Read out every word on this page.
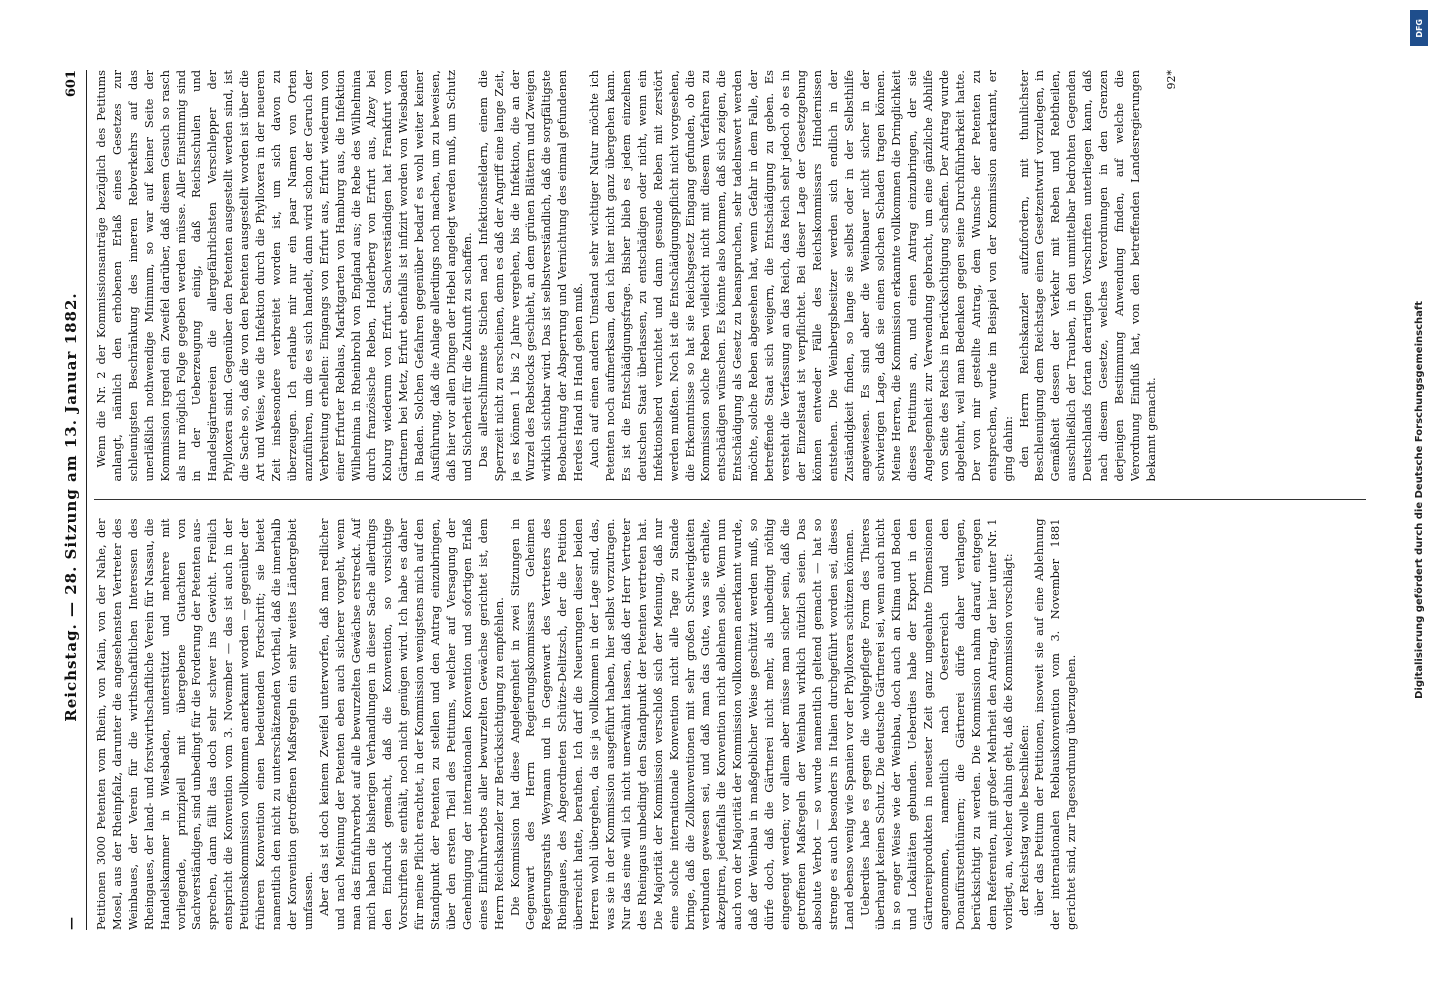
—
Reichstag. — 28. Sitzung am 13. Januar 1882.
601

Petitionen 3000 Petenten vom Rhein, von Main, von der Nahe, der Mosel, aus der Rheinpfalz, darunter die angesehensten Vertreter des Weinbaues, der Verein für die wirthschaftlichen Interessen des Rheingaues, der land- und forstwirthschaftliche Verein für Nassau, die Handelskammer in Wiesbaden, unterstützt und mehrere mit vorliegende, prinzipiell mit übergebene Gutachten von Sachverständigen, sind unbedingt für die Forderung der Petenten aus- sprechen, dann fällt das doch sehr schwer ins Gewicht. Freilich entspricht die Konvention vom 3. November — das ist auch in der Petitionskommission vollkommen anerkannt worden — gegenüber der früheren Konvention einen bedeutenden Fortschritt; sie bietet namentlich den nicht zu unterschätzenden Vortheil, daß die innerhalb der Konvention getroffenen Maßregeln ein sehr weites Ländergebiet umfassen. Aber das ist doch keinem Zweifel unterworfen, daß man redlicher und nach Meinung der Petenten eben auch sicherer vorgeht, wenn man das Einfuhrverbot auf alle bewurzelten Gewächse erstreckt. Auf mich haben die bisherigen Verhandlungen in dieser Sache allerdings den Eindruck gemacht, daß die Konvention, so vorsichtige Vorschriften sie enthält, noch nicht genügen wird. Ich habe es daher für meine Pflicht erachtet, in der Kommission wenigstens mich auf den Standpunkt der Petenten zu stellen und den Antrag einzubringen, über den ersten Theil des Petitums, welcher auf Versagung der Genehmigung der internationalen Konvention und sofortigen Erlaß eines Einfuhrverbots aller bewurzelten Gewächse gerichtet ist, dem Herrn Reichskanzler zur Berücksichtigung zu empfehlen. Die Kommission hat diese Angelegenheit in zwei Sitzungen in Gegenwart des Herrn Regierungskommissars Geheimen Regierungsraths Weymann und in Gegenwart des Vertreters des Rheingaues, des Abgeordneten Schütze-Delitzsch, der die Petition überreicht hatte, berathen. Ich darf die Neuerungen dieser beiden Herren wohl übergehen, da sie ja vollkommen in der Lage sind, das, was sie in der Kommission ausgeführt haben, hier selbst vorzutragen. Nur das eine will ich nicht unerwähnt lassen, daß der Herr Vertreter des Rheingaus unbedingt den Standpunkt der Petenten vertreten hat. Die Majorität der Kommission verschloß sich der Meinung, daß nur eine solche internationale Konvention nicht alle Tage zu Stande bringe, daß die Zollkonventionen mit sehr großen Schwierigkeiten verbunden gewesen sei, und daß man das Gute, was sie erhalte, akzeptiren, jedenfalls die Konvention nicht ablehnen solle. Wenn nun auch von der Majorität der Kommission vollkommen anerkannt wurde, daß der Weinbau in maßgeblicher Weise geschützt werden muß, so dürfe doch, daß die Gärtnerei nicht mehr, als unbedingt nöthig eingeengt werden; vor allem aber müsse man sicher sein, daß die getroffenen Maßregeln der Weinbau wirklich nützlich seien. Das absolute Verbot — so wurde namentlich geltend gemacht — hat so strenge es auch besonders in Italien durchgeführt worden sei, dieses Land ebenso wenig wie Spanien vor der Phylloxera schützen können. Ueberdies habe es gegen die wohlgepflegte Form des Thieres überhaupt keinen Schutz. Die deutsche Gärtnerei sei, wenn auch nicht in so enger Weise wie der Weinbau, doch auch an Klima und Boden und Lokalitäten gebunden. Ueberdies habe der Export in den Gärtnereiprodukten in neuester Zeit ganz ungeahnte Dimensionen angenommen, namentlich nach Oesterreich und den Donaufürstenthümern; die Gärtnerei dürfe daher verlangen, berücksichtigt zu werden. Die Kommission nahm darauf, entgegen dem Referenten, mit großer Mehrheit den Antrag, der hier unter Nr. 1 vorliegt, an, welcher dahin geht, daß die Kommission vorschlägt: der Reichstag wolle beschließen: über das Petitum der Petitionen, insoweit sie auf eine Ablehnung der internationalen Reblauskonvention vom 3. November 1881 gerichtet sind, zur Tagesordnung überzugehen.

Wenn die Nr. 2 der Kommissionsanträge bezüglich des Petitums anlangt, nämlich den erhobenen Erlaß eines Gesetzes zur schleunigsten Beschränkung des inneren Rebverkehrs auf das unerläßlich nothwendige Minimum, so war auf keiner Seite der Kommission irgend ein Zweifel darüber, daß diesem Gesuch so rasch als nur möglich Folge gegeben werden müsse. Aller Einstimmig sind in der Ueberzeugung einig, daß Reichsschulen und Handelsgärtnereien die allergefährlichsten Verschlepper der Phylloxera sind. Gegenüber den Petenten ausgestellt werden sind, ist die Sache so, daß die von den Petenten ausgestellt worden ist über die Art und Weise, wie die Infektion durch die Phylloxera in der neueren Zeit insbesondere verbreitet worden ist, um sich davon zu überzeugen. Ich erlaube mir nur ein paar Namen von Orten anzuführen, um die es sich handelt, dann wird schon der Geruch der Verbreitung erhellen: Eingangs von Erfurt aus, Erfurt wiederum von einer Erfurter Reblaus, Marktgarten von Hamburg aus, die Infektion Wilhelmina in Rheinbrohl von England aus; die Rebe des Wilhelmina durch französische Reben, Holderberg von Erfurt aus, Alzey bei Koburg wiederum von Erfurt. Sachverständigen hat Frankfurt vom Gärtnern bei Metz, Erfurt ebenfalls ist infizirt worden von Wiesbaden in Baden. Solchen Gefahren gegenüber bedarf es wohl weiter keiner Ausführung, daß die Anlage allerdings noch machen, um zu beweisen, daß hier vor allen Dingen der Hebel angelegt werden muß, um Schutz und Sicherheit für die Zukunft zu schaffen. Das allerschlimmste Stichen nach Infektionsfeldern, einem die Sperrzeit nicht zu erscheinen, denn es daß der Angriff eine lange Zeit, ja es können 1 bis 2 Jahre vergehen, bis die Infektion, die an der Wurzel des Rebstocks geschieht, an dem grünen Blättern und Zweigen wirklich sichtbar wird. Das ist selbstverständlich, daß die sorgfältigste Beobachtung der Absperrung und Vernichtung des einmal gefundenen Herdes Hand in Hand gehen muß. Auch auf einen andern Umstand sehr wichtiger Natur möchte ich Petenten noch aufmerksam, den ich hier nicht ganz übergehen kann. Es ist die Entschädigungsfrage. Bisher blieb es jedem einzelnen deutschen Staat überlassen, zu entschädigen oder nicht, wenn ein Infektionsherd vernichtet und dann gesunde Reben mit zerstört werden mußten. Noch ist die Entschädigungspflicht nicht vorgesehen, die Erkenntnisse so hat sie Reichsgesetz Eingang gefunden, ob die Kommission solche Reben vielleicht nicht mit diesem Verfahren zu entschädigen wünschen. Es könnte also kommen, daß sich zeigen, die Entschädigung als Gesetz zu beanspruchen, sehr tadelnswert werden möchte, solche Reben abgesehen hat, wenn Gefahr in dem Falle, der betreffende Staat sich weigern, die Entschädigung zu geben. Es versteht die Verfassung an das Reich, das Reich sehr jedoch ob es in der Einzelstaat ist verpflichtet. Bei dieser Lage der Gesetzgebung können entweder Fälle des Reichskommissars Hindernissen entstehen. Die Weinbergsbesitzer werden sich endlich in der Zuständigkeit finden, so lange sie selbst oder in der Selbsthilfe angewiesen. Es sind aber die Weinbauer nicht sicher in der schwierigen Lage, daß sie einen solchen Schaden tragen können. Meine Herren, die Kommission erkannte vollkommen die Dringlichkeit dieses Petitums an, und einen Antrag einzubringen, der sie Angelegenheit zur Verwendung gebracht, um eine gänzliche Abhilfe von Seite des Reichs in Berücksichtigung schaffen. Der Antrag wurde abgelehnt, weil man Bedenken gegen seine Durchführbarkeit hatte. Der von mir gestellte Antrag, dem Wunsche der Petenten zu entsprechen, wurde im Beispiel von der Kommission anerkannt, er ging dahin: den Herrn Reichskanzler aufzufordern, mit thunlichster Beschleunigung dem Reichstage einen Gesetzentwurf vorzulegen, in Gemäßheit dessen der Verkehr mit Reben und Rebtheilen, ausschließlich der Trauben, in den unmittelbar bedrohten Gegenden Deutschlands fortan derartigen Vorschriften unterliegen kann, daß nach diesem Gesetze, welches Verordnungen in den Grenzen derjenigen Bestimmung Anwendung finden, auf welche die Verordnung Einfluß hat, von den betreffenden Landesregierungen bekannt gemacht.

92*
Digitalisierung gefördert durch die Deutsche Forschungsgemeinschaft
DFG
